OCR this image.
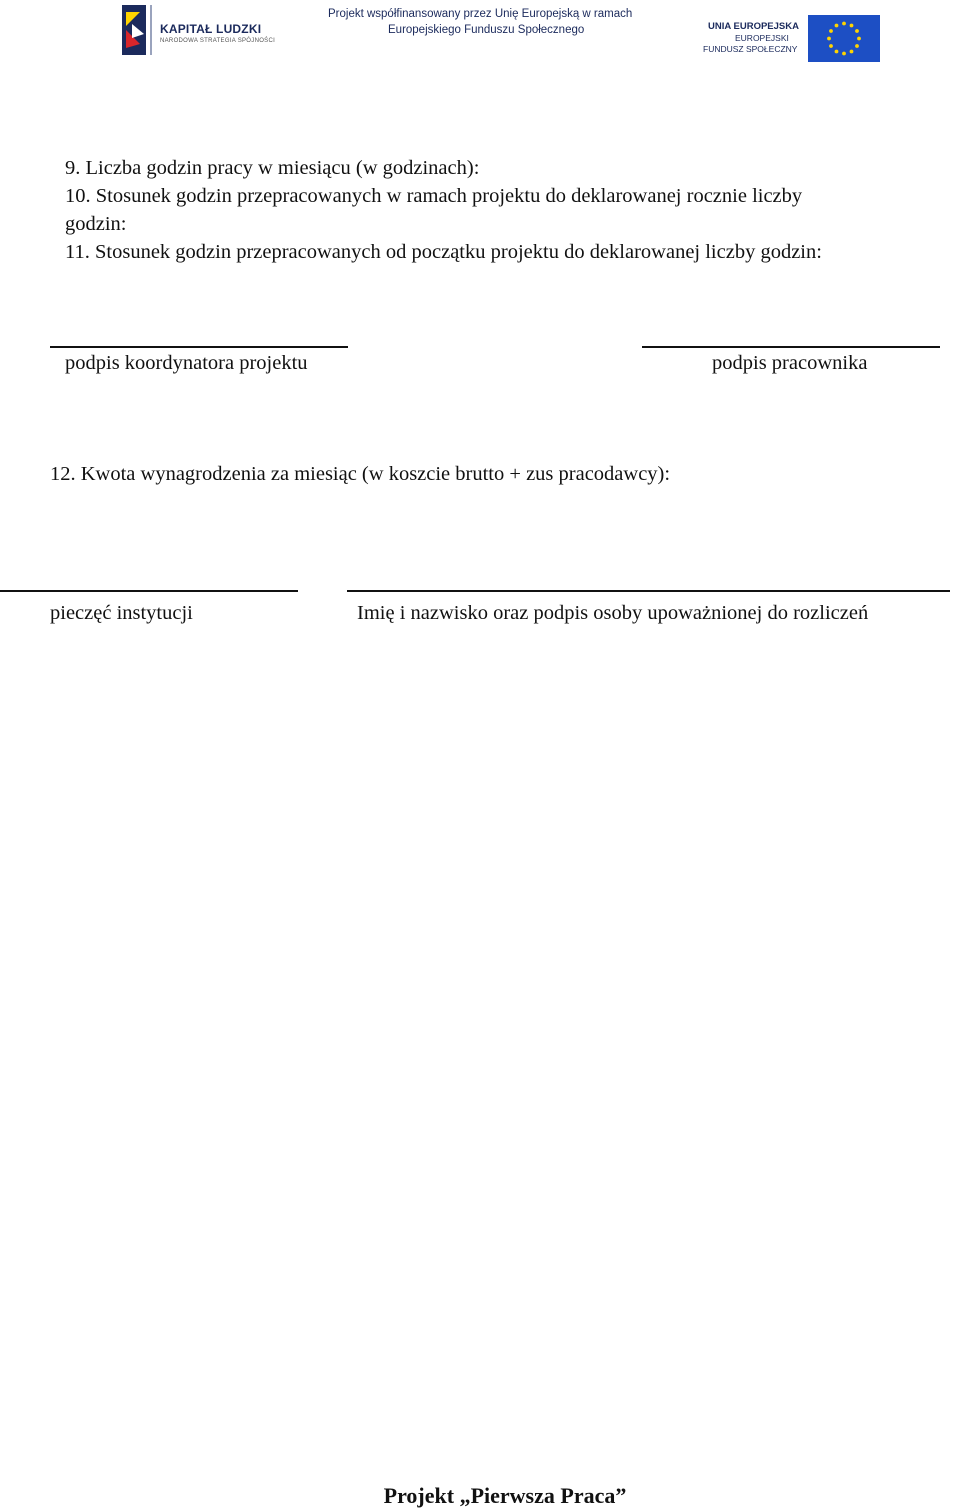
KAPITAŁ LUDZKI
NARODOWA STRATEGIA SPÓJNOŚCI
Projekt współfinansowany przez Unię Europejską w ramach
Europejskiego Funduszu Społecznego	UNIA EUROPEJSKA
EUROPEJSKI
FUNDUSZ SPOŁECZNY
9. Liczba godzin pracy w miesiącu (w godzinach):
10. Stosunek godzin przepracowanych w ramach projektu do deklarowanej rocznie liczby
godzin:
11. Stosunek godzin przepracowanych od początku projektu do deklarowanej liczby godzin:
podpis koordynatora projektu	podpis pracownika
12. Kwota wynagrodzenia za miesiąc (w koszcie brutto + zus pracodawcy):
pieczęć instytucji	Imię i nazwisko oraz podpis osoby upoważnionej do rozliczeń
Projekt „Pierwsza Praca”
